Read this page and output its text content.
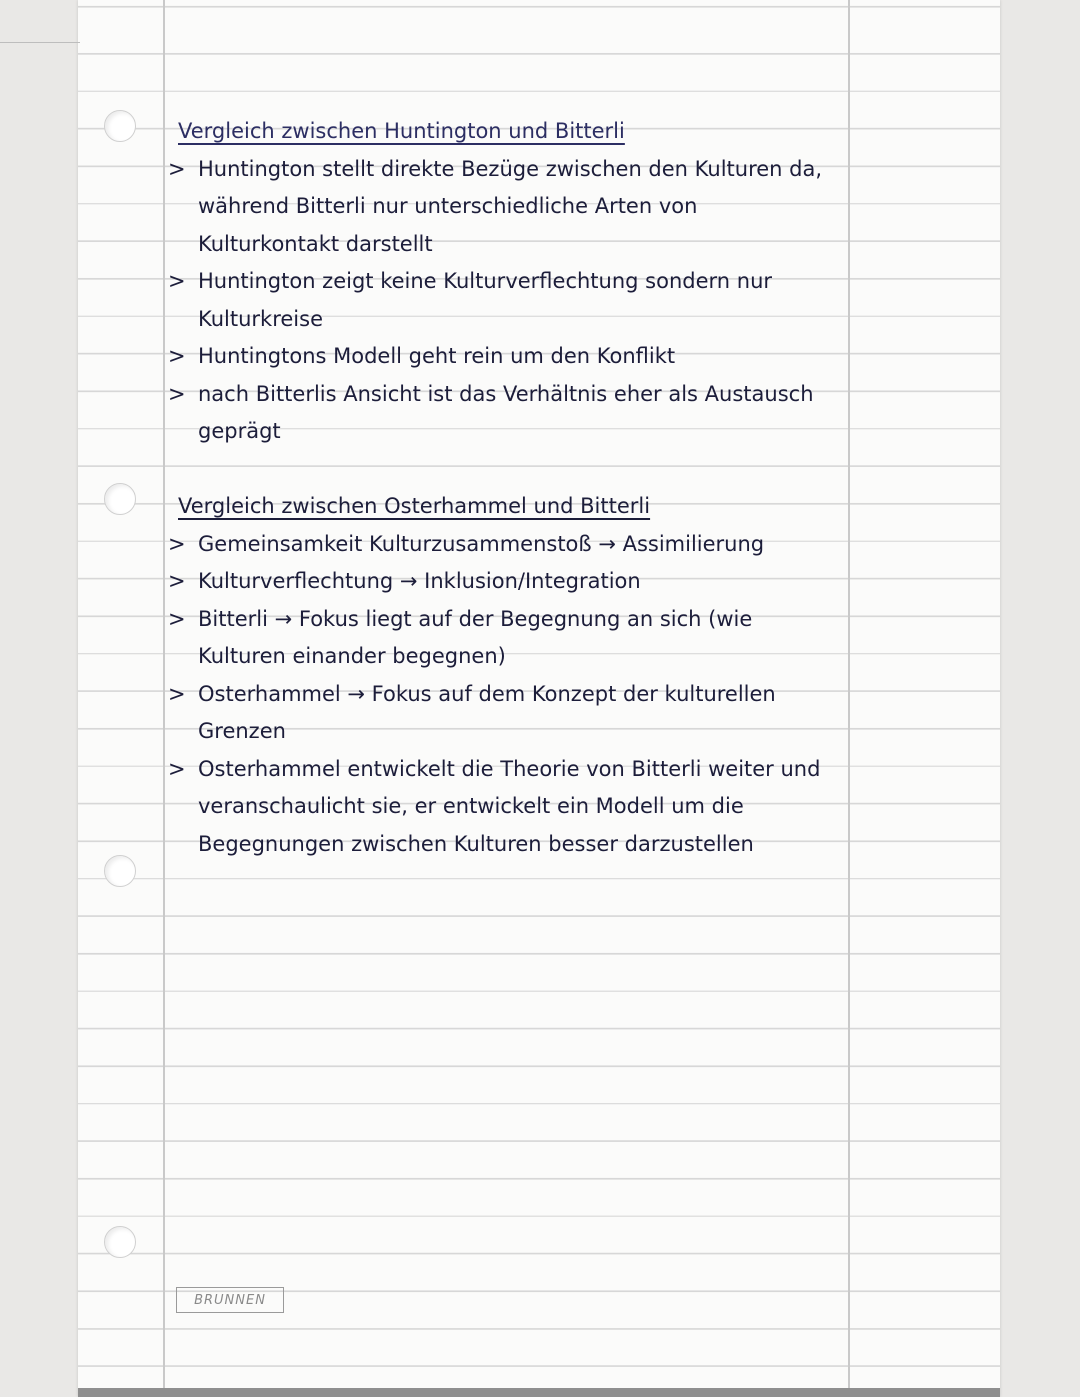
Vergleich zwischen Huntington und Bitterli
> Huntington stellt direkte Bezüge zwischen den Kulturen da, während Bitterli nur unterschiedliche Arten von Kulturkontakt darstellt
> Huntington zeigt keine Kulturverflechtung sondern nur Kulturkreise
> Huntingtons Modell geht rein um den Konflikt
> nach Bitterlis Ansicht ist das Verhältnis eher als Austausch geprägt
Vergleich zwischen Osterhammel und Bitterli
> Gemeinsamkeit Kulturzusammenstoß → Assimilierung
> Kulturverflechtung → Inklusion/Integration
> Bitterli → Fokus liegt auf der Begegnung an sich (wie Kulturen einander begegnen)
> Osterhammel → Fokus auf dem Konzept der kulturellen Grenzen
> Osterhammel entwickelt die Theorie von Bitterli weiter und veranschaulicht sie, er entwickelt ein Modell um die Begegnungen zwischen Kulturen besser darzustellen
BRUNNEN
